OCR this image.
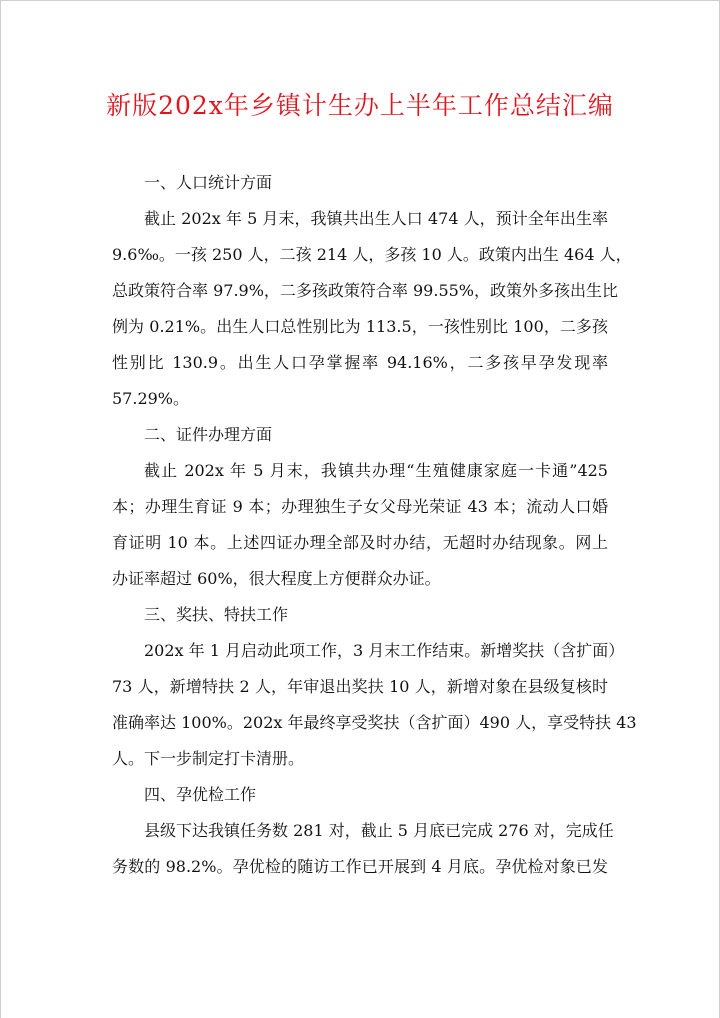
新版202x年乡镇计生办上半年工作总结汇编
一、人口统计方面
截止 202x 年 5 月末，我镇共出生人口 474 人，预计全年出生率
9.6‰。一孩 250 人，二孩 214 人，多孩 10 人。政策内出生 464 人，
总政策符合率 97.9%，二多孩政策符合率 99.55%，政策外多孩出生比
例为 0.21%。出生人口总性别比为 113.5，一孩性别比 100，二多孩
性别比 130.9。出生人口孕掌握率 94.16%，二多孩早孕发现率
57.29%。
二、证件办理方面
截止 202x 年 5 月末，我镇共办理“生殖健康家庭一卡通”425
本；办理生育证 9 本；办理独生子女父母光荣证 43 本；流动人口婚
育证明 10 本。上述四证办理全部及时办结，无超时办结现象。网上
办证率超过 60%，很大程度上方便群众办证。
三、奖扶、特扶工作
202x 年 1 月启动此项工作，3 月末工作结束。新增奖扶（含扩面）
73 人，新增特扶 2 人，年审退出奖扶 10 人，新增对象在县级复核时
准确率达 100%。202x 年最终享受奖扶（含扩面）490 人，享受特扶 43
人。下一步制定打卡清册。
四、孕优检工作
县级下达我镇任务数 281 对，截止 5 月底已完成 276 对，完成任
务数的 98.2%。孕优检的随访工作已开展到 4 月底。孕优检对象已发
